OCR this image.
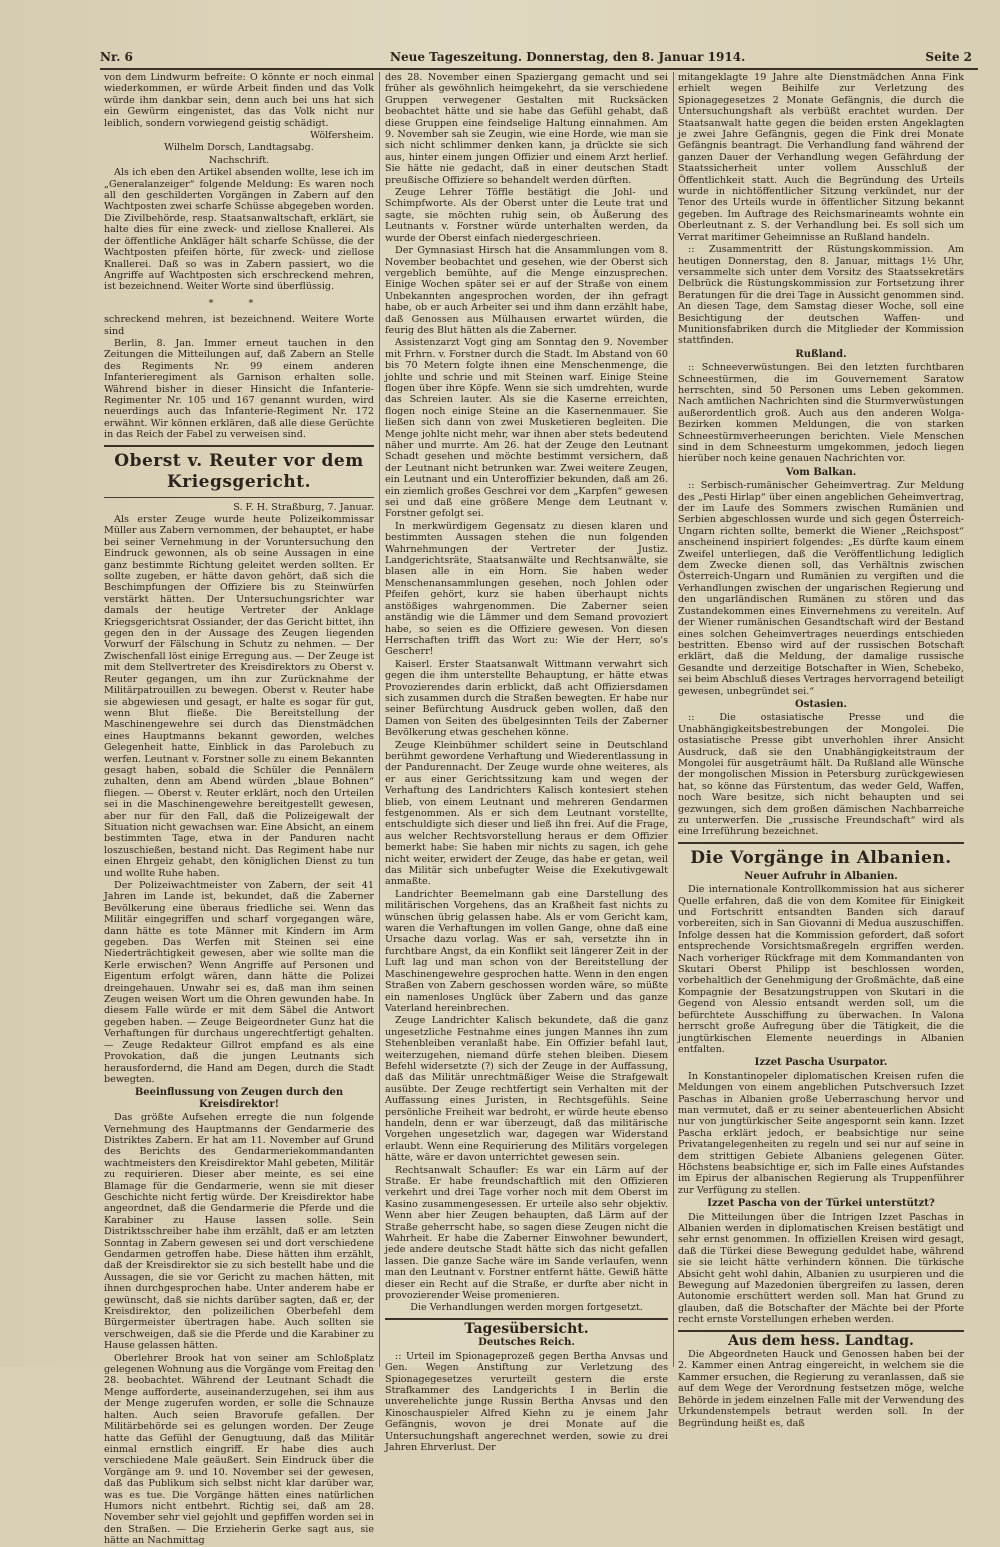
Nr. 6	Neue Tageszeitung. Donnerstag, den 8. Januar 1914.	Seite 2

von dem Lindwurm befreite: O könnte er noch einmal wiederkommen, er würde Arbeit finden und das Volk würde ihm dankbar sein, denn auch bei uns hat sich ein Gewürm eingenistet, das das Volk nicht nur leiblich, sondern vorwiegend geistig schädigt.

Wölfersheim.

Wilhelm Dorsch, Landtagsabg.

Nachschrift.

Als ich eben den Artikel absenden wollte, lese ich im „Generalanzeiger“ folgende Meldung: Es waren noch all den geschilderten Vorgängen in Zabern auf den Wachtposten zwei scharfe Schüsse abgegeben worden. Die Zivilbehörde, resp. Staatsanwaltschaft, erklärt, sie halte dies für eine zweck- und ziellose Knallerei. Als der öffentliche Ankläger hält scharfe Schüsse, die der Wachtposten pfeifen hörte, für zweck- und ziellose Knallerei. Daß so was in Zabern passiert, wo die Angriffe auf Wachtposten sich erschreckend mehren, ist bezeichnend. Weiter Worte sind überflüssig.

* *

schreckend mehren, ist bezeichnend. Weitere Worte sind

Berlin, 8. Jan. Immer erneut tauchen in den Zeitungen die Mitteilungen auf, daß Zabern an Stelle des Regiments Nr. 99 einem anderen Infanterieregiment als Garnison erhalten solle. Während bisher in dieser Hinsicht die Infanterie-Regimenter Nr. 105 und 167 genannt wurden, wird neuerdings auch das Infanterie-Regiment Nr. 172 erwähnt. Wir können erklären, daß alle diese Gerüchte in das Reich der Fabel zu verweisen sind.

Oberst v. Reuter vor dem Kriegsgericht.

S. F. H. Straßburg, 7. Januar.

Als erster Zeuge wurde heute Polizeikommissar Müller aus Zabern vernommen, der behauptet, er habe bei seiner Vernehmung in der Voruntersuchung den Eindruck gewonnen, als ob seine Aussagen in eine ganz bestimmte Richtung geleitet werden sollten. Er sollte zugeben, er hätte davon gehört, daß sich die Beschimpfungen der Offiziere bis zu Steinwürfen verstärkt hätten. Der Untersuchungsrichter war damals der heutige Vertreter der Anklage Kriegsgerichtsrat Ossiander, der das Gericht bittet, ihn gegen den in der Aussage des Zeugen liegenden Vorwurf der Fälschung in Schutz zu nehmen. — Der Zwischenfall löst einige Erregung aus. — Der Zeuge ist mit dem Stellvertreter des Kreisdirektors zu Oberst v. Reuter gegangen, um ihn zur Zurücknahme der Militärpatrouillen zu bewegen. Oberst v. Reuter habe sie abgewiesen und gesagt, er halte es sogar für gut, wenn Blut fließe. Die Bereitstellung der Maschinengewehre sei durch das Dienstmädchen eines Hauptmanns bekannt geworden, welches Gelegenheit hatte, Einblick in das Parolebuch zu werfen. Leutnant v. Forstner solle zu einem Bekannten gesagt haben, sobald die Schüler die Pennälern zuhalten, denn am Abend würden „blaue Bohnen“ fliegen. — Oberst v. Reuter erklärt, noch den Urteilen sei in die Maschinengewehre bereitgestellt gewesen, aber nur für den Fall, daß die Polizeigewalt der Situation nicht gewachsen war. Eine Absicht, an einem bestimmten Tage, etwa in der Panduren nacht loszuschießen, bestand nicht. Das Regiment habe nur einen Ehrgeiz gehabt, den königlichen Dienst zu tun und wollte Ruhe haben.

Der Polizeiwachtmeister von Zabern, der seit 41 Jahren im Lande ist, bekundet, daß die Zaberner Bevölkerung eine überaus friedliche sei. Wenn das Militär eingegriffen und scharf vorgegangen wäre, dann hätte es tote Männer mit Kindern im Arm gegeben. Das Werfen mit Steinen sei eine Niederträchtigkeit gewesen, aber wie sollte man die Kerle erwischen? Wenn Angriffe auf Personen und Eigentum erfolgt wären, dann hätte die Polizei dreingehauen. Unwahr sei es, daß man ihm seinen Zeugen weisen Wort um die Ohren gewunden habe. In diesem Falle würde er mit dem Säbel die Antwort gegeben haben. — Zeuge Beigeordneter Gunz hat die Verhaftungen für durchaus ungerechtfertigt gehalten. — Zeuge Redakteur Gillrot empfand es als eine Provokation, daß die jungen Leutnants sich herausfordernd, die Hand am Degen, durch die Stadt bewegten.

Beeinflussung von Zeugen durch den Kreisdirektor!

Das größte Aufsehen erregte die nun folgende Vernehmung des Hauptmanns der Gendarmerie des Distriktes Zabern. Er hat am 11. November auf Grund des Berichts des Gendarmeriekommandanten wachtmeisters den Kreisdirektor Mahl gebeten, Militär zu requirieren. Dieser aber meinte, es sei eine Blamage für die Gendarmerie, wenn sie mit dieser Geschichte nicht fertig würde. Der Kreisdirektor habe angeordnet, daß die Gendarmerie die Pferde und die Karabiner zu Hause lassen solle. Sein Distriktsschreiber habe ihm erzählt, daß er am letzten Sonntag in Zabern gewesen sei und dort verschiedene Gendarmen getroffen habe. Diese hätten ihm erzählt, daß der Kreisdirektor sie zu sich bestellt habe und die Aussagen, die sie vor Gericht zu machen hätten, mit ihnen durchgesprochen habe. Unter anderem habe er gewünscht, daß sie nichts darüber sagten, daß er, der Kreisdirektor, den polizeilichen Oberbefehl dem Bürgermeister übertragen habe. Auch sollten sie verschweigen, daß sie die Pferde und die Karabiner zu Hause gelassen hätten.

Oberlehrer Brook hat von seiner am Schloßplatz gelegenen Wohnung aus die Vorgänge vom Freitag den 28. beobachtet. Während der Leutnant Schadt die Menge aufforderte, auseinanderzugehen, sei ihm aus der Menge zugerufen worden, er solle die Schnauze halten. Auch seien Bravorufe gefallen. Der Militärbehörde sei es gelungen worden. Der Zeuge hatte das Gefühl der Genugtuung, daß das Militär einmal ernstlich eingriff. Er habe dies auch verschiedene Male geäußert. Sein Eindruck über die Vorgänge am 9. und 10. November sei der gewesen, daß das Publikum sich selbst nicht klar darüber war, was es tue. Die Vorgänge hätten eines natürlichen Humors nicht entbehrt. Richtig sei, daß am 28. November sehr viel gejohlt und gepfiffen worden sei in den Straßen. — Die Erzieherin Gerke sagt aus, sie hätte an Nachmittag

des 28. November einen Spaziergang gemacht und sei früher als gewöhnlich heimgekehrt, da sie verschiedene Gruppen verwegener Gestalten mit Rucksäcken beobachtet hätte und sie habe das Gefühl gehabt, daß diese Gruppen eine feindselige Haltung einnahmen. Am 9. November sah sie Zeugin, wie eine Horde, wie man sie sich nicht schlimmer denken kann, ja drückte sie sich aus, hinter einem jungen Offizier und einem Arzt herlief. Sie hätte nie gedacht, daß in einer deutschen Stadt preußische Offiziere so behandelt werden dürften.

Zeuge Lehrer Töffle bestätigt die Johl- und Schimpfworte. Als der Oberst unter die Leute trat und sagte, sie möchten ruhig sein, ob Äußerung des Leutnants v. Forstner würde unterhalten werden, da wurde der Oberst einfach niedergeschrieen.

Der Gymnasiast Hirsch hat die Ansammlungen vom 8. November beobachtet und gesehen, wie der Oberst sich vergeblich bemühte, auf die Menge einzusprechen. Einige Wochen später sei er auf der Straße von einem Unbekannten angesprochen worden, der ihn gefragt habe, ob er auch Arbeiter sei und ihm dann erzählt habe, daß Genossen aus Mülhausen erwartet würden, die feurig des Blut hätten als die Zaberner.

Assistenzarzt Vogt ging am Sonntag den 9. November mit Frhrn. v. Forstner durch die Stadt. Im Abstand von 60 bis 70 Metern folgte ihnen eine Menschenmenge, die johlte und schrie und mit Steinen warf. Einige Steine flogen über ihre Köpfe. Wenn sie sich umdrehten, wurde das Schreien lauter. Als sie die Kaserne erreichten, flogen noch einige Steine an die Kasernenmauer. Sie ließen sich dann von zwei Musketieren begleiten. Die Menge johlte nicht mehr, war ihnen aber stets bedeutend näher und murrte. Am 26. hat der Zeuge den Leutnant Schadt gesehen und möchte bestimmt versichern, daß der Leutnant nicht betrunken war. Zwei weitere Zeugen, ein Leutnant und ein Unteroffizier bekunden, daß am 26. ein ziemlich großes Geschrei vor dem „Karpfen“ gewesen sei und daß eine größere Menge dem Leutnant v. Forstner gefolgt sei.

In merkwürdigem Gegensatz zu diesen klaren und bestimmten Aussagen stehen die nun folgenden Wahrnehmungen der Vertreter der Justiz. Landgerichtsräte, Staatsanwälte und Rechtsanwälte, sie blasen alle in ein Horn. Sie haben weder Menschenansammlungen gesehen, noch Johlen oder Pfeifen gehört, kurz sie haben überhaupt nichts anstößiges wahrgenommen. Die Zaberner seien anständig wie die Lämmer und dem Semand provoziert habe, so seien es die Offiziere gewesen. Von diesen Herrschaften trifft das Wort zu: Wie der Herr, so's Gescherr!

Kaiserl. Erster Staatsanwalt Wittmann verwahrt sich gegen die ihm unterstellte Behauptung, er hätte etwas Provozierendes darin erblickt, daß acht Offiziersdamen sich zusammen durch die Straßen bewegten. Er habe nur seiner Befürchtung Ausdruck geben wollen, daß den Damen von Seiten des übelgesinnten Teils der Zaberner Bevölkerung etwas geschehen könne.

Zeuge Kleinbühmer schildert seine in Deutschland berühmt gewordene Verhaftung und Wiederentlassung in der Pandurennacht. Der Zeuge wurde ohne weiteres, als er aus einer Gerichtssitzung kam und wegen der Verhaftung des Landrichters Kalisch kontesiert stehen blieb, von einem Leutnant und mehreren Gendarmen festgenommen. Als er sich dem Leutnant vorstellte, entschuldigte sich dieser und ließ ihn frei. Auf die Frage, aus welcher Rechtsvorstellung heraus er dem Offizier bemerkt habe: Sie haben mir nichts zu sagen, ich gehe nicht weiter, erwidert der Zeuge, das habe er getan, weil das Militär sich unbefugter Weise die Exekutivgewalt anmaßte.

Landrichter Beemelmann gab eine Darstellung des militärischen Vorgehens, das an Kraßheit fast nichts zu wünschen übrig gelassen habe. Als er vom Gericht kam, waren die Verhaftungen im vollen Gange, ohne daß eine Ursache dazu vorlag. Was er sah, versetzte ihn in furchtbare Angst, da ein Konflikt seit längerer Zeit in der Luft lag und man schon von der Bereitstellung der Maschinengewehre gesprochen hatte. Wenn in den engen Straßen von Zabern geschossen worden wäre, so müßte ein namenloses Unglück über Zabern und das ganze Vaterland hereinbrechen.

Zeuge Landrichter Kalisch bekundete, daß die ganz ungesetzliche Festnahme eines jungen Mannes ihn zum Stehenbleiben veranlaßt habe. Ein Offizier befahl laut, weiterzugehen, niemand dürfe stehen bleiben. Diesem Befehl widersetzte (?) sich der Zeuge in der Auffassung, daß das Militär unrechtmäßiger Weise die Strafgewalt ausübte. Der Zeuge rechtfertigt sein Verhalten mit der Auffassung eines Juristen, in Rechtsgefühls. Seine persönliche Freiheit war bedroht, er würde heute ebenso handeln, denn er war überzeugt, daß das militärische Vorgehen ungesetzlich war, dagegen war Widerstand erlaubt. Wenn eine Requirierung des Militärs vorgelegen hätte, wäre er davon unterrichtet gewesen sein.

Rechtsanwalt Schaufler: Es war ein Lärm auf der Straße. Er habe freundschaftlich mit den Offizieren verkehrt und drei Tage vorher noch mit dem Oberst im Kasino zusammengesessen. Er urteile also sehr objektiv. Wenn aber hier Zeugen behaupten, daß Lärm auf der Straße geherrscht habe, so sagen diese Zeugen nicht die Wahrheit. Er habe die Zaberner Einwohner bewundert, jede andere deutsche Stadt hätte sich das nicht gefallen lassen. Die ganze Sache wäre im Sande verlaufen, wenn man den Leutnant v. Forstner entfernt hätte. Gewiß hätte dieser ein Recht auf die Straße, er durfte aber nicht in provozierender Weise promenieren.

Die Verhandlungen werden morgen fortgesetzt.

Tagesübersicht.
Deutsches Reich.

:: Urteil im Spionageprozeß gegen Bertha Anvsas und Gen. Wegen Anstiftung zur Verletzung des Spionagegesetzes verurteilt gestern die erste Strafkammer des Landgerichts I in Berlin die unverehelichte junge Russin Bertha Anvsas und den Kinoschauspieler Alfred Kiehn zu je einem Jahr Gefängnis, wovon je drei Monate auf die Untersuchungshaft angerechnet werden, sowie zu drei Jahren Ehrverlust. Der

mitangeklagte 19 Jahre alte Dienstmädchen Anna Fink erhielt wegen Beihilfe zur Verletzung des Spionagegesetzes 2 Monate Gefängnis, die durch die Untersuchungshaft als verbüßt erachtet wurden. Der Staatsanwalt hatte gegen die beiden ersten Angeklagten je zwei Jahre Gefängnis, gegen die Fink drei Monate Gefängnis beantragt. Die Verhandlung fand während der ganzen Dauer der Verhandlung wegen Gefährdung der Staatssicherheit unter vollem Ausschluß der Öffentlichkeit statt. Auch die Begründung des Urteils wurde in nichtöffentlicher Sitzung verkündet, nur der Tenor des Urteils wurde in öffentlicher Sitzung bekannt gegeben. Im Auftrage des Reichsmarineamts wohnte ein Oberleutnant z. S. der Verhandlung bei. Es soll sich um Verrat maritimer Geheimnisse an Rußland handeln.

:: Zusammentritt der Rüstungskommission. Am heutigen Donnerstag, den 8. Januar, mittags 1½ Uhr, versammelte sich unter dem Vorsitz des Staatssekretärs Delbrück die Rüstungskommission zur Fortsetzung ihrer Beratungen für die drei Tage in Aussicht genommen sind. An diesen Tage, dem Samstag dieser Woche, soll eine Besichtigung der deutschen Waffen- und Munitionsfabriken durch die Mitglieder der Kommission stattfinden.

Rußland.

:: Schneeverwüstungen. Bei den letzten furchtbaren Schneestürmen, die im Gouvernement Saratow herrschten, sind 50 Personen ums Leben gekommen. Nach amtlichen Nachrichten sind die Sturmverwüstungen außerordentlich groß. Auch aus den anderen Wolga-Bezirken kommen Meldungen, die von starken Schneestürmverheerungen berichten. Viele Menschen sind in dem Schneesturm umgekommen, jedoch liegen hierüber noch keine genauen Nachrichten vor.

Vom Balkan.

:: Serbisch-rumänischer Geheimvertrag. Zur Meldung des „Pesti Hirlap“ über einen angeblichen Geheimvertrag, der im Laufe des Sommers zwischen Rumänien und Serbien abgeschlossen wurde und sich gegen Österreich-Ungarn richten sollte, bemerkt die Wiener „Reichspost“ anscheinend inspiriert folgendes: „Es dürfte kaum einem Zweifel unterliegen, daß die Veröffentlichung lediglich dem Zwecke dienen soll, das Verhältnis zwischen Österreich-Ungarn und Rumänien zu vergiften und die Verhandlungen zwischen der ungarischen Regierung und den ungarländischen Rumänen zu stören und das Zustandekommen eines Einvernehmens zu vereiteln. Auf der Wiener rumänischen Gesandtschaft wird der Bestand eines solchen Geheimvertrages neuerdings entschieden bestritten. Ebenso wird auf der russischen Botschaft erklärt, daß die Meldung, der damalige russische Gesandte und derzeitige Botschafter in Wien, Schebeko, sei beim Abschluß dieses Vertrages hervorragend beteiligt gewesen, unbegründet sei.“

Ostasien.

:: Die ostasiatische Presse und die Unabhängigkeitsbestrebungen der Mongolei. Die ostasiatische Presse gibt unverhohlen ihrer Ansicht Ausdruck, daß sie den Unabhängigkeitstraum der Mongolei für ausgeträumt hält. Da Rußland alle Wünsche der mongolischen Mission in Petersburg zurückgewiesen hat, so könne das Fürstentum, das weder Geld, Waffen, noch Ware besitze, sich nicht behaupten und sei gezwungen, sich dem großen dämischen Nachbarreiche zu unterwerfen. Die „russische Freundschaft“ wird als eine Irreführung bezeichnet.

Die Vorgänge in Albanien.
Neuer Aufruhr in Albanien.

Die internationale Kontrollkommission hat aus sicherer Quelle erfahren, daß die von dem Komitee für Einigkeit und Fortschritt entsandten Banden sich darauf vorbereiten, sich in San Giovanni di Medua auszuschiffen. Infolge dessen hat die Kommission gefordert, daß sofort entsprechende Vorsichtsmaßregeln ergriffen werden. Nach vorheriger Rückfrage mit dem Kommandanten von Skutari Oberst Philipp ist beschlossen worden, vorbehaltlich der Genehmigung der Großmächte, daß eine Kompagnie der Besatzungstruppen von Skutari in die Gegend von Alessio entsandt werden soll, um die befürchtete Ausschiffung zu überwachen. In Valona herrscht große Aufregung über die Tätigkeit, die die jungtürkischen Elemente neuerdings in Albanien entfalten.

Izzet Pascha Usurpator.

In Konstantinopeler diplomatischen Kreisen rufen die Meldungen von einem angeblichen Putschversuch Izzet Paschas in Albanien große Ueberraschung hervor und man vermutet, daß er zu seiner abenteuerlichen Absicht nur von jungtürkischer Seite angespornt sein kann. Izzet Pascha erklärt jedoch, er beabsichtige nur seine Privatangelegenheiten zu regeln und sei nur auf seine in dem strittigen Gebiete Albaniens gelegenen Güter. Höchstens beabsichtige er, sich im Falle eines Aufstandes im Epirus der albanischen Regierung als Truppenführer zur Verfügung zu stellen.

Izzet Pascha von der Türkei unterstützt?

Die Mitteilungen über die Intrigen Izzet Paschas in Albanien werden in diplomatischen Kreisen bestätigt und sehr ernst genommen. In offiziellen Kreisen wird gesagt, daß die Türkei diese Bewegung geduldet habe, während sie sie leicht hätte verhindern können. Die türkische Absicht geht wohl dahin, Albanien zu usurpieren und die Bewegung auf Mazedonien übergreifen zu lassen, deren Autonomie erschüttert werden soll. Man hat Grund zu glauben, daß die Botschafter der Mächte bei der Pforte recht ernste Vorstellungen erheben werden.

Aus dem hess. Landtag.

Die Abgeordneten Hauck und Genossen haben bei der 2. Kammer einen Antrag eingereicht, in welchem sie die Kammer ersuchen, die Regierung zu veranlassen, daß sie auf dem Wege der Verordnung festsetzen möge, welche Behörde in jedem einzelnen Falle mit der Verwendung des Urkundenstempels betraut werden soll. In der Begründung heißt es, daß
